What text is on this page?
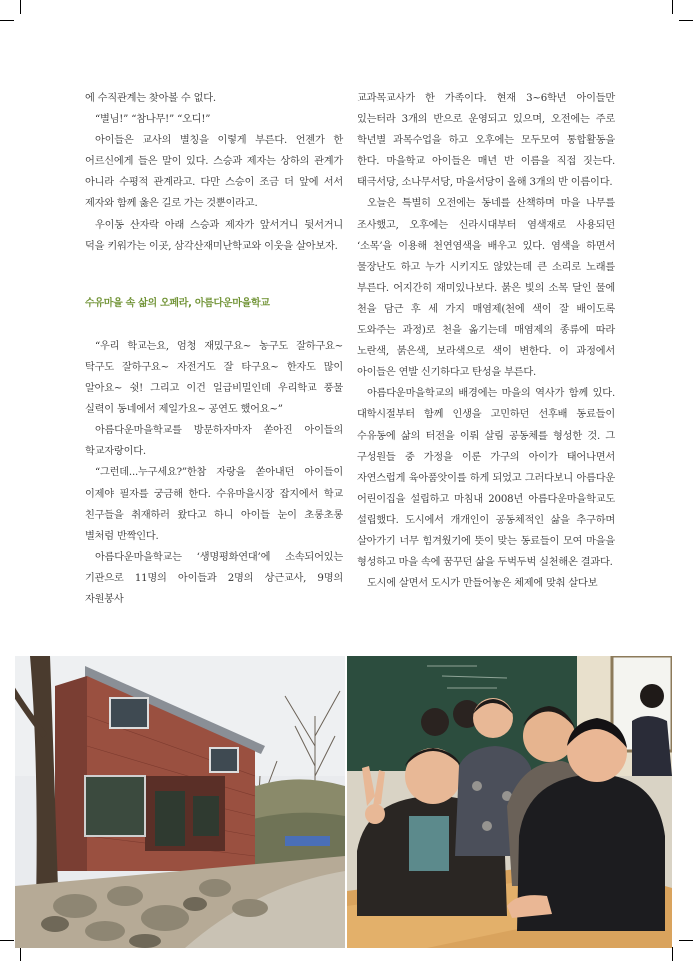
에 수직관계는 찾아볼 수 없다.

“별님!” “참나무!” “오디!”

아이들은 교사의 별칭을 이렇게 부른다. 언젠가 한 어르신에게 들은 말이 있다. 스승과 제자는 상하의 관계가 아니라 수평적 관계라고. 다만 스승이 조금 더 앞에 서서 제자와 함께 옳은 길로 가는 것뿐이라고.

우이동 산자락 아래 스승과 제자가 앞서거니 뒷서거니 덕을 키워가는 이곳, 삼각산재미난학교와 이웃을 살아보자.

수유마을 속 삶의 오페라, 아름다운마을학교

“우리 학교는요, 엄청 재밌구요~ 농구도 잘하구요~ 탁구도 잘하구요~ 자전거도 잘 타구요~ 한자도 많이 알아요~ 쉿! 그리고 이건 일급비밀인데 우리학교 풍물 실력이 동네에서 제일가요~ 공연도 했어요~”

아름다운마을학교를 방문하자마자 쏟아진 아이들의 학교자랑이다.

“그런데...누구세요?”한참 자랑을 쏟아내던 아이들이 이제야 필자를 궁금해 한다. 수유마을시장 잡지에서 학교 친구들을 취재하러 왔다고 하니 아이들 눈이 초롱초롱 별처럼 반짝인다.

아름다운마을학교는 ‘생명평화연대’에 소속되어있는 기관으로 11명의 아이들과 2명의 상근교사, 9명의 자원봉사

교과목교사가 한 가족이다. 현재 3~6학년 아이들만 있는터라 3개의 반으로 운영되고 있으며, 오전에는 주로 학년별 과목수업을 하고 오후에는 모두모여 통합활동을 한다. 마을학교 아이들은 매년 반 이름을 직접 짓는다. 태극서당, 소나무서당, 마을서당이 올해 3개의 반 이름이다.

오늘은 특별히 오전에는 동네를 산책하며 마을 나무를 조사했고, 오후에는 신라시대부터 염색재로 사용되던 ‘소목’을 이용해 천연염색을 배우고 있다. 염색을 하면서 물장난도 하고 누가 시키지도 않았는데 큰 소리로 노래를 부른다. 어지간히 재미있나보다. 붉은 빛의 소목 달인 물에 천을 담근 후 세 가지 매염제(천에 색이 잘 배이도록 도와주는 과정)로 천을 옮기는데 매염제의 종류에 따라 노란색, 붉은색, 보라색으로 색이 변한다. 이 과정에서 아이들은 연발 신기하다고 탄성을 부른다.

아름다운마을학교의 배경에는 마을의 역사가 함께 있다. 대학시절부터 함께 인생을 고민하던 선후배 동료들이 수유동에 삶의 터전을 이뤄 살림 공동체를 형성한 것. 그 구성원들 중 가정을 이룬 가구의 아이가 태어나면서 자연스럽게 육아품앗이를 하게 되었고 그러다보니 아름다운 어린이집을 설립하고 마침내 2008년 아름다운마을학교도 설립했다. 도시에서 개개인이 공동체적인 삶을 추구하며 살아가기 너무 힘겨웠기에 뜻이 맞는 동료들이 모여 마을을 형성하고 마을 속에 꿈꾸던 삶을 두벅두벅 실천해온 결과다.

도시에 살면서 도시가 만들어놓은 체제에 맞춰 살다보
